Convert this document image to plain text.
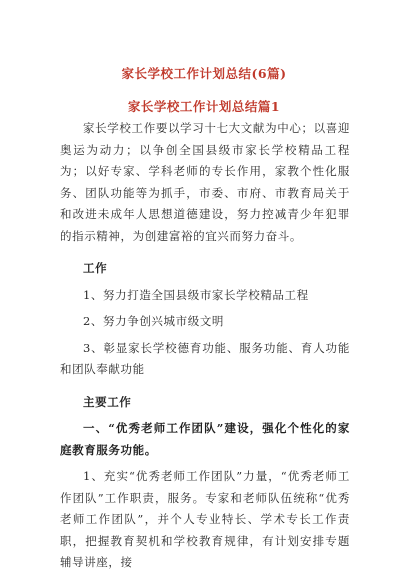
家长学校工作计划总结(6篇)
家长学校工作计划总结篇1

家长学校工作要以学习十七大文献为中心；以喜迎奥运为动力；以争创全国县级市家长学校精品工程为；以好专家、学科老师的专长作用，家教个性化服务、团队功能等为抓手，市委、市府、市教育局关于和改进未成年人思想道德建设，努力控减青少年犯罪的指示精神，为创建富裕的宜兴而努力奋斗。

工作

1、努力打造全国县级市家长学校精品工程

2、努力争创兴城市级文明

3、彰显家长学校德育功能、服务功能、育人功能和团队奉献功能

主要工作

一、“优秀老师工作团队”建设，强化个性化的家庭教育服务功能。

1、充实“优秀老师工作团队”力量，“优秀老师工作团队”工作职责，服务。专家和老师队伍统称“优秀老师工作团队”，并个人专业特长、学术专长工作责职，把握教育契机和学校教育规律，有计划安排专题辅导讲座，接
